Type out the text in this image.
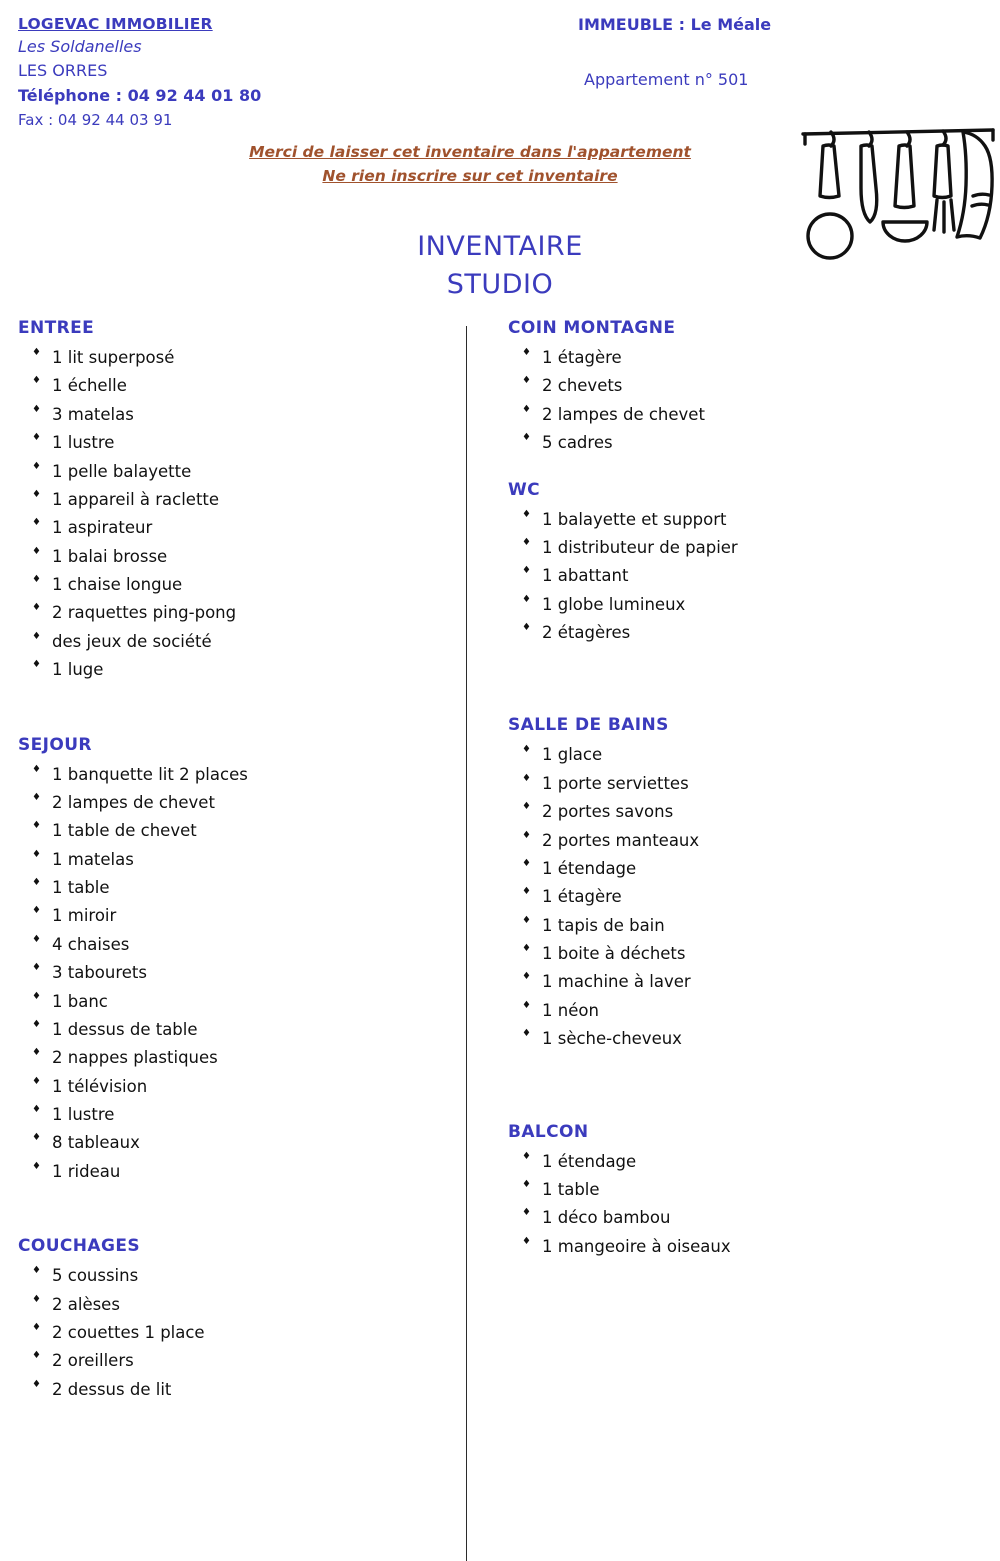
LOGEVAC IMMOBILIER
Les Soldanelles
LES ORRES
Téléphone : 04 92 44 01 80
Fax : 04 92 44 03 91
IMMEUBLE : Le Méale
Appartement n° 501
Merci de laisser cet inventaire dans l'appartement
Ne rien inscrire sur cet inventaire
INVENTAIRE
STUDIO
ENTREE
♦ 1 lit superposé
♦ 1 échelle
♦ 3 matelas
♦ 1 lustre
♦ 1 pelle balayette
♦ 1 appareil à raclette
♦ 1 aspirateur
♦ 1 balai brosse
♦ 1 chaise longue
♦ 2 raquettes ping-pong
♦ des jeux de société
♦ 1 luge
SEJOUR
♦ 1 banquette lit 2 places
♦ 2 lampes de chevet
♦ 1 table de chevet
♦ 1 matelas
♦ 1 table
♦ 1 miroir
♦ 4 chaises
♦ 3 tabourets
♦ 1 banc
♦ 1 dessus de table
♦ 2 nappes plastiques
♦ 1 télévision
♦ 1 lustre
♦ 8 tableaux
♦ 1 rideau
COUCHAGES
♦ 5 coussins
♦ 2 alèses
♦ 2 couettes 1 place
♦ 2 oreillers
♦ 2 dessus de lit
COIN MONTAGNE
♦ 1 étagère
♦ 2 chevets
♦ 2 lampes de chevet
♦ 5 cadres
WC
♦ 1 balayette et support
♦ 1 distributeur de papier
♦ 1 abattant
♦ 1 globe lumineux
♦ 2 étagères
SALLE DE BAINS
♦ 1 glace
♦ 1 porte serviettes
♦ 2 portes savons
♦ 2 portes manteaux
♦ 1 étendage
♦ 1 étagère
♦ 1 tapis de bain
♦ 1 boite à déchets
♦ 1 machine à laver
♦ 1 néon
♦ 1 sèche-cheveux
BALCON
♦ 1 étendage
♦ 1 table
♦ 1 déco bambou
♦ 1 mangeoire à oiseaux
